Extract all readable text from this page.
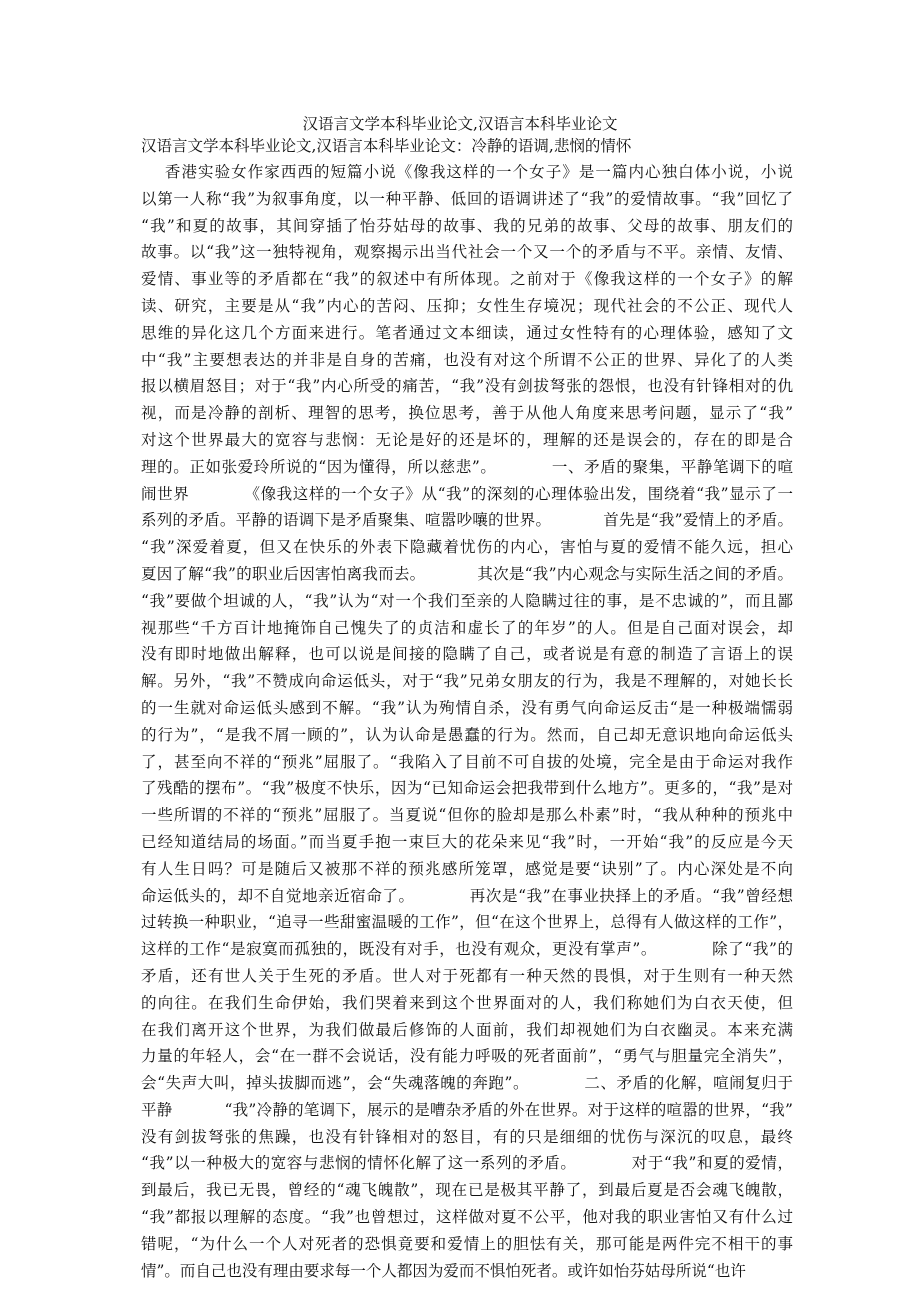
汉语言文学本科毕业论文,汉语言本科毕业论文
汉语言文学本科毕业论文,汉语言本科毕业论文：冷静的语调,悲悯的情怀
香港实验女作家西西的短篇小说《像我这样的一个女子》是一篇内心独白体小说，小说
以第一人称“我”为叙事角度，以一种平静、低回的语调讲述了“我”的爱情故事。“我”回忆了
“我”和夏的故事，其间穿插了怡芬姑母的故事、我的兄弟的故事、父母的故事、朋友们的
故事。以“我”这一独特视角，观察揭示出当代社会一个又一个的矛盾与不平。亲情、友情、
爱情、事业等的矛盾都在“我”的叙述中有所体现。之前对于《像我这样的一个女子》的解
读、研究，主要是从“我”内心的苦闷、压抑；女性生存境况；现代社会的不公正、现代人
思维的异化这几个方面来进行。笔者通过文本细读，通过女性特有的心理体验，感知了文
中“我”主要想表达的并非是自身的苦痛，也没有对这个所谓不公正的世界、异化了的人类
报以横眉怒目；对于“我”内心所受的痛苦，“我”没有剑拔弩张的怨恨，也没有针锋相对的仇
视，而是冷静的剖析、理智的思考，换位思考，善于从他人角度来思考问题，显示了“我”
对这个世界最大的宽容与悲悯：无论是好的还是坏的，理解的还是误会的，存在的即是合
理的。正如张爱玲所说的“因为懂得，所以慈悲”。          一、矛盾的聚集，平静笔调下的喧
闹世界          《像我这样的一个女子》从“我”的深刻的心理体验出发，围绕着“我”显示了一
系列的矛盾。平静的语调下是矛盾聚集、喧嚣吵嚷的世界。          首先是“我”爱情上的矛盾。
“我”深爱着夏，但又在快乐的外表下隐藏着忧伤的内心，害怕与夏的爱情不能久远，担心
夏因了解“我”的职业后因害怕离我而去。          其次是“我”内心观念与实际生活之间的矛盾。
“我”要做个坦诚的人，“我”认为“对一个我们至亲的人隐瞒过往的事，是不忠诚的”，而且鄙
视那些“千方百计地掩饰自己愧失了的贞洁和虚长了的年岁”的人。但是自己面对误会，却
没有即时地做出解释，也可以说是间接的隐瞒了自己，或者说是有意的制造了言语上的误
解。另外，“我”不赞成向命运低头，对于“我”兄弟女朋友的行为，我是不理解的，对她长长
的一生就对命运低头感到不解。“我”认为殉情自杀，没有勇气向命运反击“是一种极端懦弱
的行为”，“是我不屑一顾的”，认为认命是愚蠢的行为。然而，自己却无意识地向命运低头
了，甚至向不祥的“预兆”屈服了。“我陷入了目前不可自拔的处境，完全是由于命运对我作
了残酷的摆布”。“我”极度不快乐，因为“已知命运会把我带到什么地方”。更多的，“我”是对
一些所谓的不祥的“预兆”屈服了。当夏说“但你的脸却是那么朴素”时，“我从种种的预兆中
已经知道结局的场面。”而当夏手抱一束巨大的花朵来见“我”时，一开始“我”的反应是今天
有人生日吗？可是随后又被那不祥的预兆感所笼罩，感觉是要“诀别”了。内心深处是不向
命运低头的，却不自觉地亲近宿命了。          再次是“我”在事业抉择上的矛盾。“我”曾经想
过转换一种职业，“追寻一些甜蜜温暖的工作”，但“在这个世界上，总得有人做这样的工作”，
这样的工作“是寂寞而孤独的，既没有对手，也没有观众，更没有掌声”。          除了“我”的
矛盾，还有世人关于生死的矛盾。世人对于死都有一种天然的畏惧，对于生则有一种天然
的向往。在我们生命伊始，我们哭着来到这个世界面对的人，我们称她们为白衣天使，但
在我们离开这个世界，为我们做最后修饰的人面前，我们却视她们为白衣幽灵。本来充满
力量的年轻人，会“在一群不会说话，没有能力呼吸的死者面前”，“勇气与胆量完全消失”，
会“失声大叫，掉头拔脚而逃”，会“失魂落魄的奔跑”。          二、矛盾的化解，喧闹复归于
平静          “我”冷静的笔调下，展示的是嘈杂矛盾的外在世界。对于这样的喧嚣的世界，“我”
没有剑拔弩张的焦躁，也没有针锋相对的怒目，有的只是细细的忧伤与深沉的叹息，最终
“我”以一种极大的宽容与悲悯的情怀化解了这一系列的矛盾。          对于“我”和夏的爱情，
到最后，我已无畏，曾经的“魂飞魄散”，现在已是极其平静了，到最后夏是否会魂飞魄散，
“我”都报以理解的态度。“我”也曾想过，这样做对夏不公平，他对我的职业害怕又有什么过
错呢，“为什么一个人对死者的恐惧竟要和爱情上的胆怯有关，那可能是两件完不相干的事
情”。而自己也没有理由要求每一个人都因为爱而不惧怕死者。或许如怡芬姑母所说“也许
